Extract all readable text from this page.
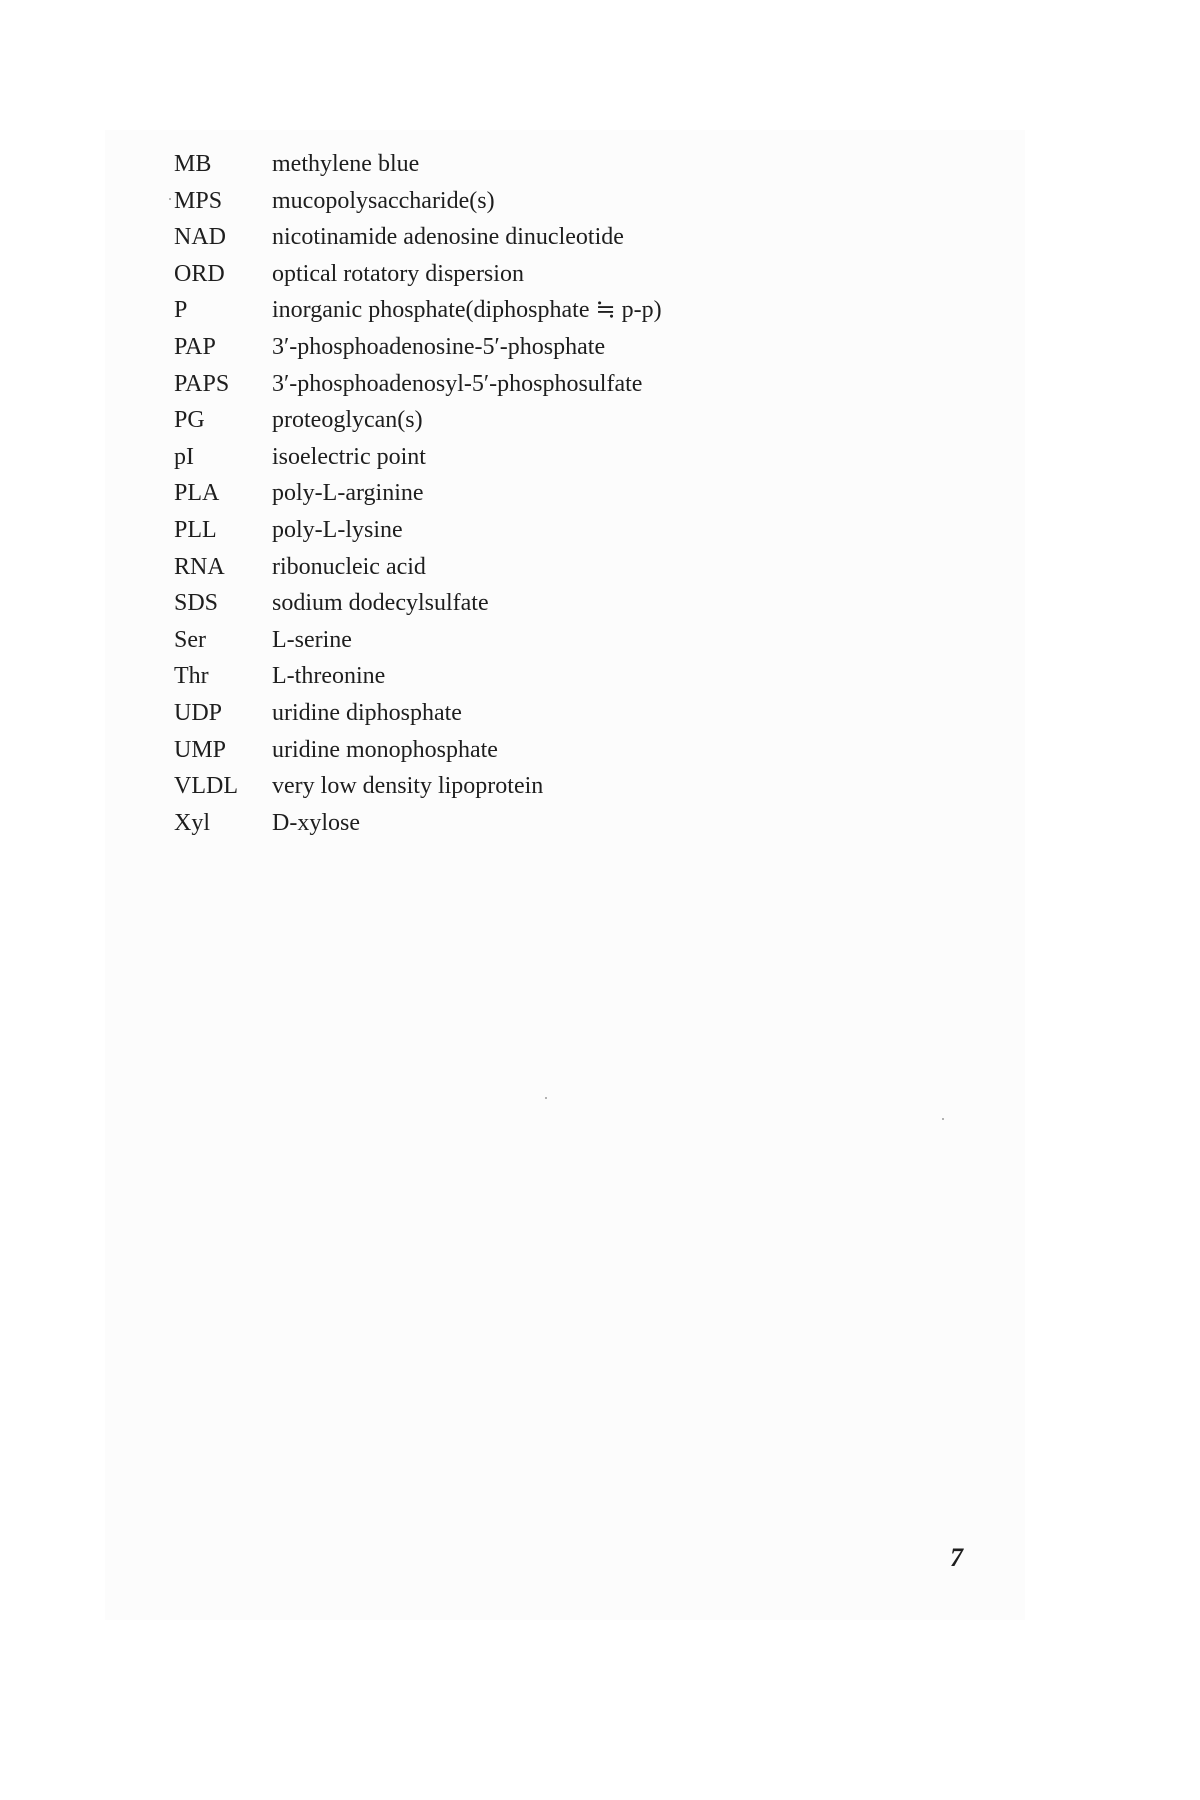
MB	methylene blue
MPS mucopolysaccharide(s)
NAD nicotinamide adenosine dinucleotide
ORD optical rotatory dispersion
P	inorganic phosphate(diphosphate ≒ p-p)
PAP 3′-phosphoadenosine-5′-phosphate
PAPS 3′-phosphoadenosyl-5′-phosphosulfate
PG	proteoglycan(s)
pI	isoelectric point
PLA poly-L-arginine
PLL poly-L-lysine
RNA ribonucleic acid
SDS sodium dodecylsulfate
Ser	L-serine
Thr	L-threonine
UDP uridine diphosphate
UMP uridine monophosphate
VLDL very low density lipoprotein
Xyl	D-xylose
7
